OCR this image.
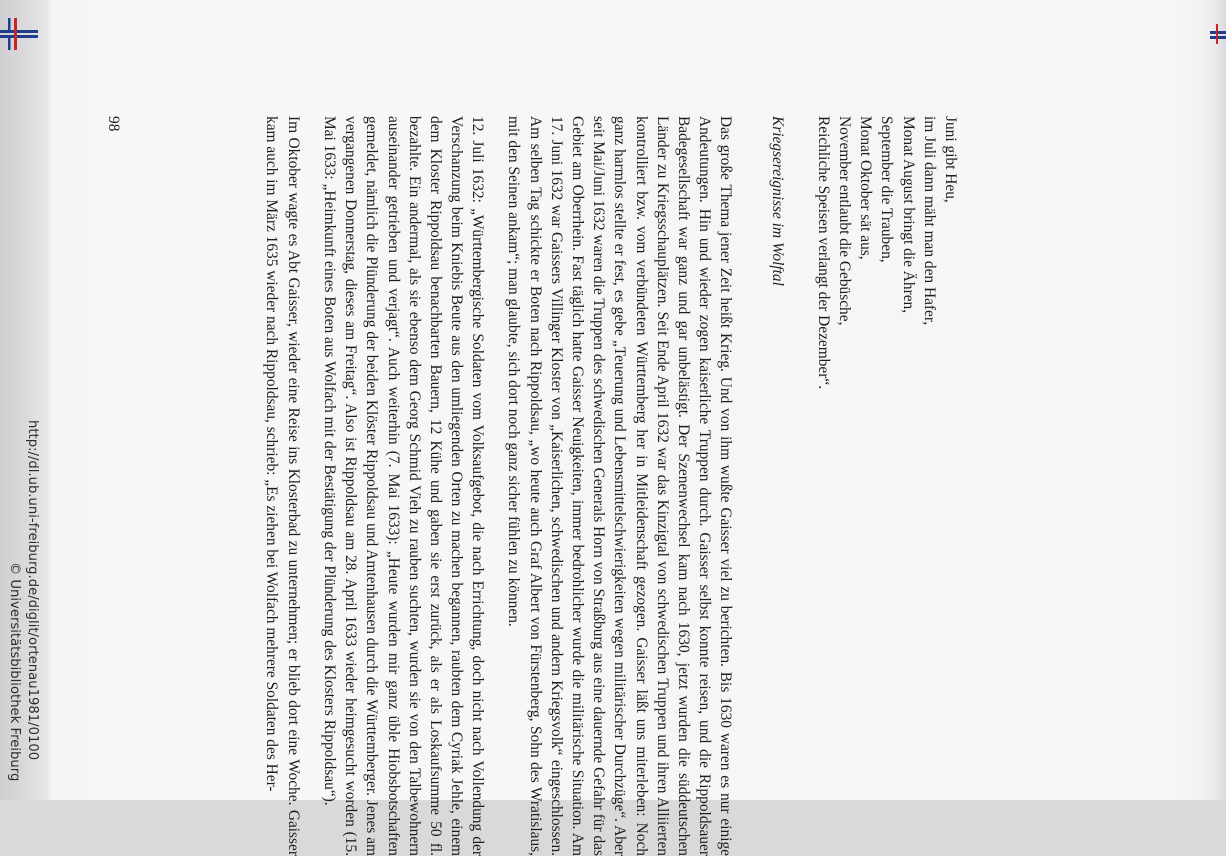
Juni gibt Heu,
im Juli dann mäht man den Hafer,
Monat August bringt die Ähren,
September die Trauben,
Monat Oktober sät aus,
November entlaubt die Gebüsche,
Reichliche Speisen verlangt der Dezember“.
Kriegsereignisse im Wolftal

Das große Thema jener Zeit heißt Krieg. Und von ihm wußte Gaisser viel zu berichten. Bis 1630 waren es nur einige Andeutungen. Hin und wieder zogen kaiserliche Truppen durch. Gaisser selbst konnte reisen, und die Rippoldsauer Badegesellschaft war ganz und gar unbelästigt. Der Szenenwechsel kam nach 1630, jetzt wurden die süddeutschen Länder zu Kriegsschauplätzen. Seit Ende April 1632 war das Kinzigtal von schwedischen Truppen und ihren Alliierten kontrolliert bzw. vom verbündeten Württemberg her in Mitleidenschaft gezogen. Gaisser läßt uns miterleben: Noch ganz harmlos stellte er fest, es gebe „Teuerung und Lebensmittelschwierigkeiten wegen militärischer Durchzüge“. Aber seit Mai/Juni 1632 waren die Truppen des schwedischen Generals Horn von Straßburg aus eine dauernde Gefahr für das Gebiet am Oberrhein. Fast täglich hatte Gaisser Neuigkeiten, immer bedrohlicher wurde die militärische Situation. Am 17. Juni 1632 war Gaissers Villinger Kloster von „Kaiserlichen, schwedischen und andern Kriegsvolk“ eingeschlossen. Am selben Tag schickte er Boten nach Rippoldsau, „wo heute auch Graf Albert von Fürstenberg, Sohn des Wratislaus, mit den Seinen ankam“; man glaubte, sich dort noch ganz sicher fühlen zu können.

12. Juli 1632: „Württembergische Soldaten vom Volksaufgebot, die nach Errichtung, doch nicht nach Vollendung der Verschanzung beim Kniebis Beute aus den umliegenden Orten zu machen begannen, raubten dem Cyriak Jehle, einem dem Kloster Rippoldsau benachbarten Bauern, 12 Kühe und gaben sie erst zurück, als er als Loskaufsumme 50 fl. bezahlte. Ein andermal, als sie ebenso dem Georg Schmid Vieh zu rauben suchten, wurden sie von den Talbewohnern auseinander getrieben und verjagt“. Auch weiterhin (7. Mai 1633): „Heute wurden mir ganz üble Hiobsbotschaften gemeldet, nämlich die Plünderung der beiden Klöster Rippoldsau und Amtenhausen durch die Württemberger. Jenes am vergangenen Donnerstag, dieses am Freitag“. Also ist Rippoldsau am 28. April 1633 wieder heimgesucht worden (15. Mai 1633: „Heimkunft eines Boten aus Wolfach mit der Bestätigung der Plünderung des Klosters Rippoldsau“).

Im Oktober wagte es Abt Gaisser, wieder eine Reise ins Klosterbad zu unternehmen; er blieb dort eine Woche. Gaisser kam auch im März 1635 wieder nach Rippoldsau, schrieb: „Es ziehen bei Wolfach mehrere Soldaten des Her-

98
http://dl.ub.uni-freiburg.de/diglit/ortenau1981/0100
© Universitätsbibliothek Freiburg
